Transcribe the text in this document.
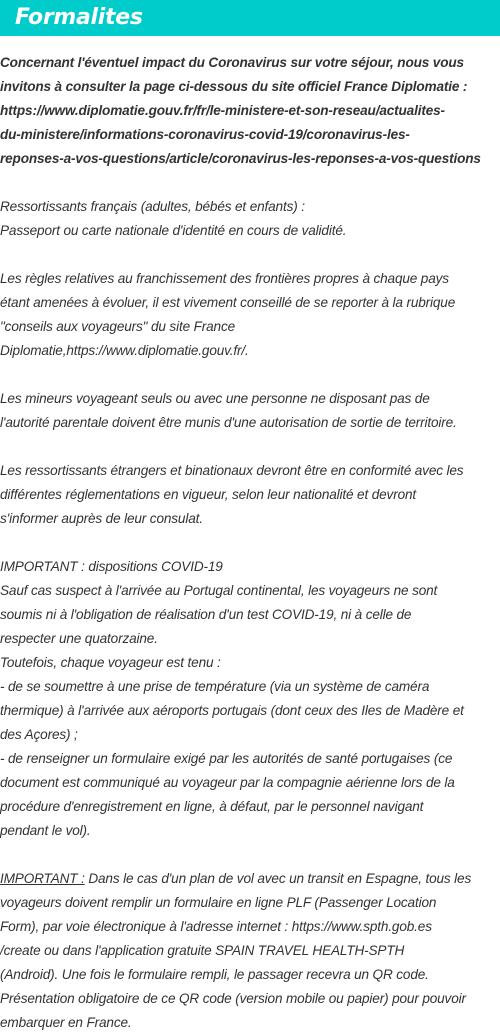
Formalites

Concernant l'éventuel impact du Coronavirus sur votre séjour, nous vous
invitons à consulter la page ci-dessous du site officiel France Diplomatie :
https://www.diplomatie.gouv.fr/fr/le-ministere-et-son-reseau/actualites-
du-ministere/informations-coronavirus-covid-19/coronavirus-les-
reponses-a-vos-questions/article/coronavirus-les-reponses-a-vos-questions

Ressortissants français (adultes, bébés et enfants) :
Passeport ou carte nationale d'identité en cours de validité.

Les règles relatives au franchissement des frontières propres à chaque pays
étant amenées à évoluer, il est vivement conseillé de se reporter à la rubrique
"conseils aux voyageurs" du site France
Diplomatie,https://www.diplomatie.gouv.fr/.

Les mineurs voyageant seuls ou avec une personne ne disposant pas de
l'autorité parentale doivent être munis d'une autorisation de sortie de territoire.

Les ressortissants étrangers et binationaux devront être en conformité avec les
différentes réglementations en vigueur, selon leur nationalité et devront
s'informer auprès de leur consulat.

IMPORTANT : dispositions COVID-19
Sauf cas suspect à l'arrivée au Portugal continental, les voyageurs ne sont
soumis ni à l'obligation de réalisation d'un test COVID-19, ni à celle de
respecter une quatorzaine.
Toutefois, chaque voyageur est tenu :
- de se soumettre à une prise de température (via un système de caméra
thermique) à l'arrivée aux aéroports portugais (dont ceux des Iles de Madère et
des Açores) ;
- de renseigner un formulaire exigé par les autorités de santé portugaises (ce
document est communiqué au voyageur par la compagnie aérienne lors de la
procédure d'enregistrement en ligne, à défaut, par le personnel navigant
pendant le vol).

IMPORTANT : Dans le cas d'un plan de vol avec un transit en Espagne, tous les
voyageurs doivent remplir un formulaire en ligne PLF (Passenger Location
Form), par voie électronique à l'adresse internet : https://www.spth.gob.es
/create ou dans l'application gratuite SPAIN TRAVEL HEALTH-SPTH
(Android). Une fois le formulaire rempli, le passager recevra un QR code.
Présentation obligatoire de ce QR code (version mobile ou papier) pour pouvoir
embarquer en France.
